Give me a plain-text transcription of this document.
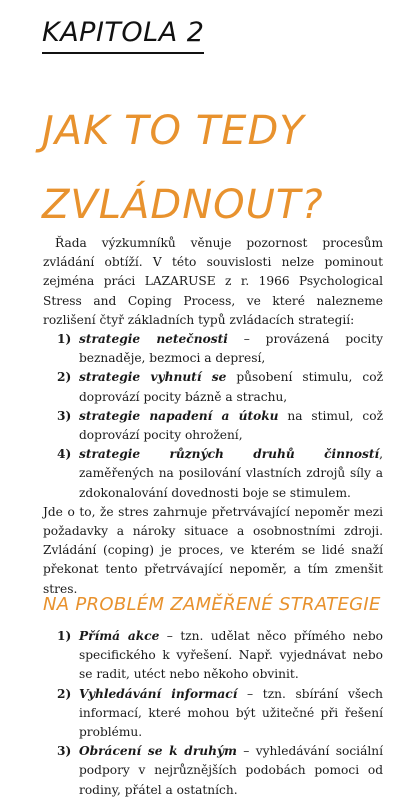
KAPITOLA 2
JAK TO TEDY ZVLÁDNOUT?
Řada výzkumníků věnuje pozornost procesům zvládání obtíží. V této souvislosti nelze pominout zejména práci LAZARUSE z r. 1966 Psychological Stress and Coping Process, ve které nalezneme rozlišení čtyř základních typů zvládacích strategií:
1) strategie netečnosti – provázená pocity beznaděje, bezmoci a depresí,
2) strategie vyhnutí se působení stimulu, což doprovází pocity bázně a strachu,
3) strategie napadení a útoku na stimul, což doprovází pocity ohrožení,
4) strategie různých druhů činností, zaměřených na posilování vlastních zdrojů síly a zdokonalování dovednosti boje se stimulem.
Jde o to, že stres zahrnuje přetrvávající nepoměr mezi požadavky a nároky situace a osobnostními zdroji. Zvládání (coping) je proces, ve kterém se lidé snaží překonat tento přetrvávající nepoměr, a tím zmenšit stres.
NA PROBLÉM ZAMĚŘENÉ STRATEGIE
1) Přímá akce – tzn. udělat něco přímého nebo specifického k vyřešení. Např. vyjednávat nebo se radit, utéct nebo někoho obvinit.
2) Vyhledávání informací – tzn. sbírání všech informací, které mohou být užitečné při řešení problému.
3) Obrácení se k druhým – vyhledávání sociální podpory v nejrůznějších podobách pomoci od rodiny, přátel a ostatních.
